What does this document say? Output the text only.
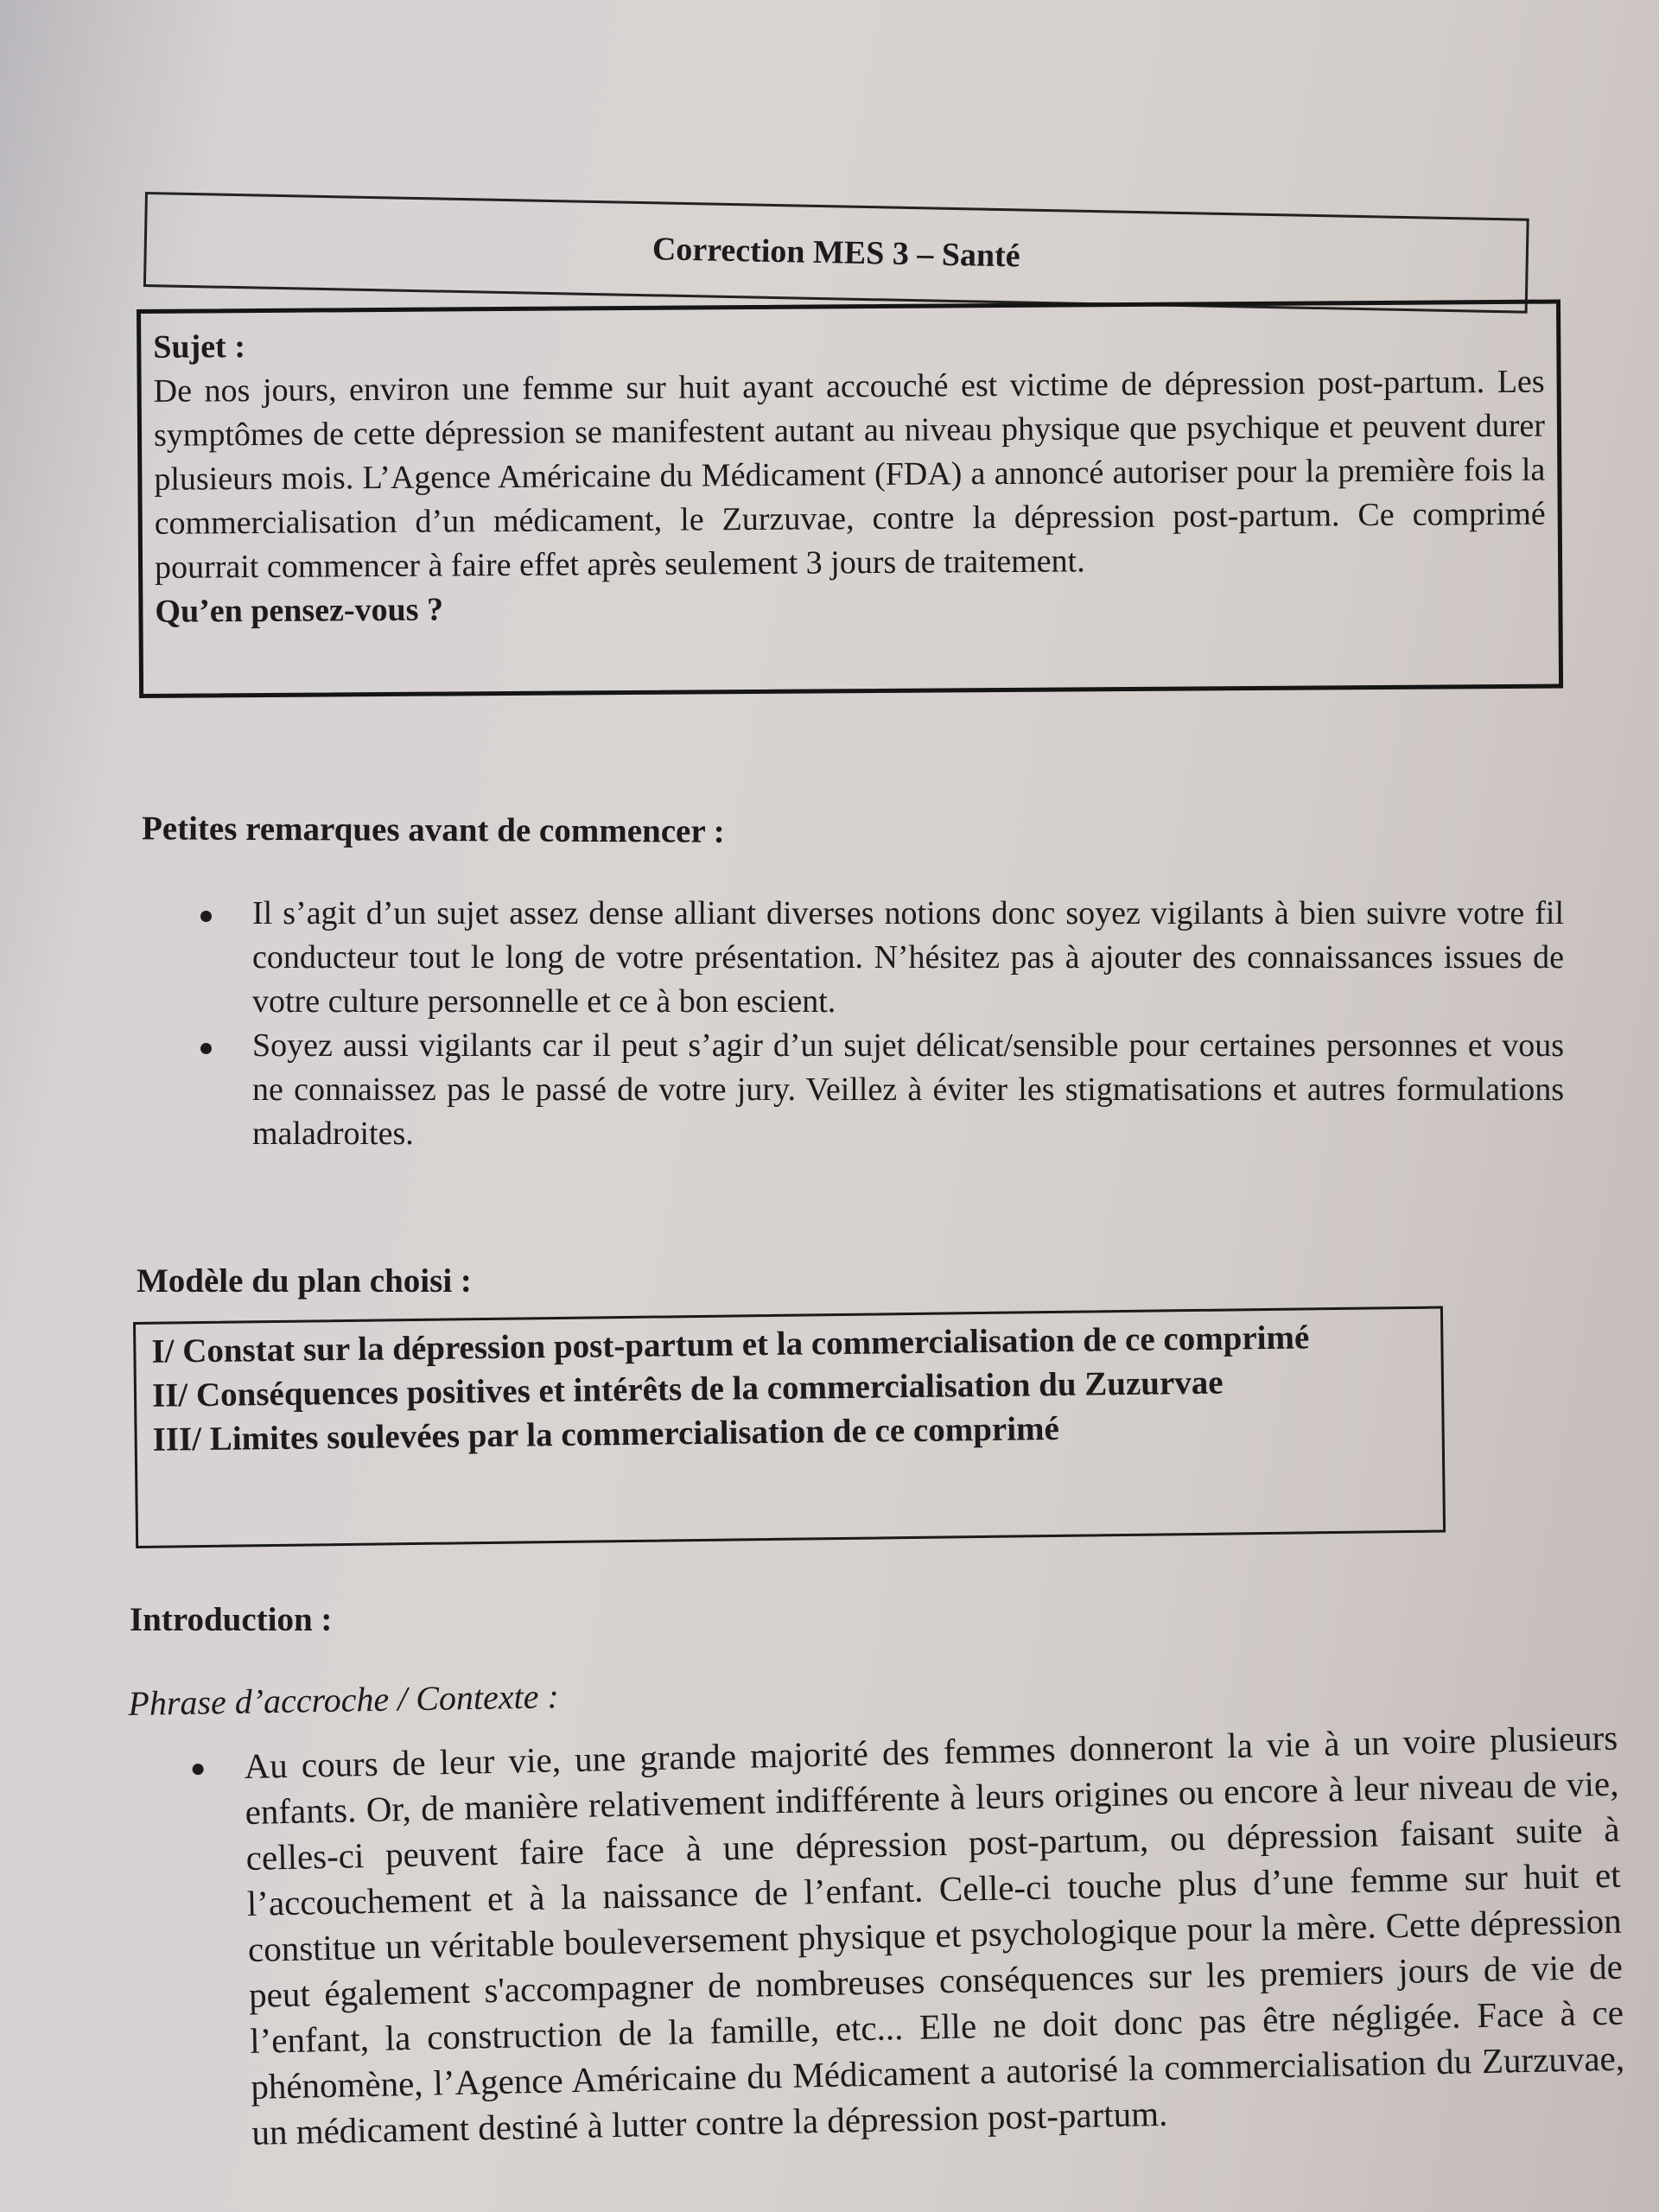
Correction MES 3 – Santé

Sujet :
De nos jours, environ une femme sur huit ayant accouché est victime de dépression post-partum. Les symptômes de cette dépression se manifestent autant au niveau physique que psychique et peuvent durer plusieurs mois. L’Agence Américaine du Médicament (FDA) a annoncé autoriser pour la première fois la commercialisation d’un médicament, le Zurzuvae, contre la dépression post-partum. Ce comprimé pourrait commencer à faire effet après seulement 3 jours de traitement.
Qu’en pensez-vous ?

Petites remarques avant de commencer :
Il s’agit d’un sujet assez dense alliant diverses notions donc soyez vigilants à bien suivre votre fil conducteur tout le long de votre présentation. N’hésitez pas à ajouter des connaissances issues de votre culture personnelle et ce à bon escient.
Soyez aussi vigilants car il peut s’agir d’un sujet délicat/sensible pour certaines personnes et vous ne connaissez pas le passé de votre jury. Veillez à éviter les stigmatisations et autres formulations maladroites.
Modèle du plan choisi :
I/ Constat sur la dépression post-partum et la commercialisation de ce comprimé
II/ Conséquences positives et intérêts de la commercialisation du Zuzurvae
III/ Limites soulevées par la commercialisation de ce comprimé
Introduction :
Phrase d’accroche / Contexte :
Au cours de leur vie, une grande majorité des femmes donneront la vie à un voire plusieurs enfants. Or, de manière relativement indifférente à leurs origines ou encore à leur niveau de vie, celles-ci peuvent faire face à une dépression post-partum, ou dépression faisant suite à l’accouchement et à la naissance de l’enfant. Celle-ci touche plus d’une femme sur huit et constitue un véritable bouleversement physique et psychologique pour la mère. Cette dépression peut également s'accompagner de nombreuses conséquences sur les premiers jours de vie de l’enfant, la construction de la famille, etc... Elle ne doit donc pas être négligée. Face à ce phénomène, l’Agence Américaine du Médicament a autorisé la commercialisation du Zurzuvae, un médicament destiné à lutter contre la dépression post-partum.
